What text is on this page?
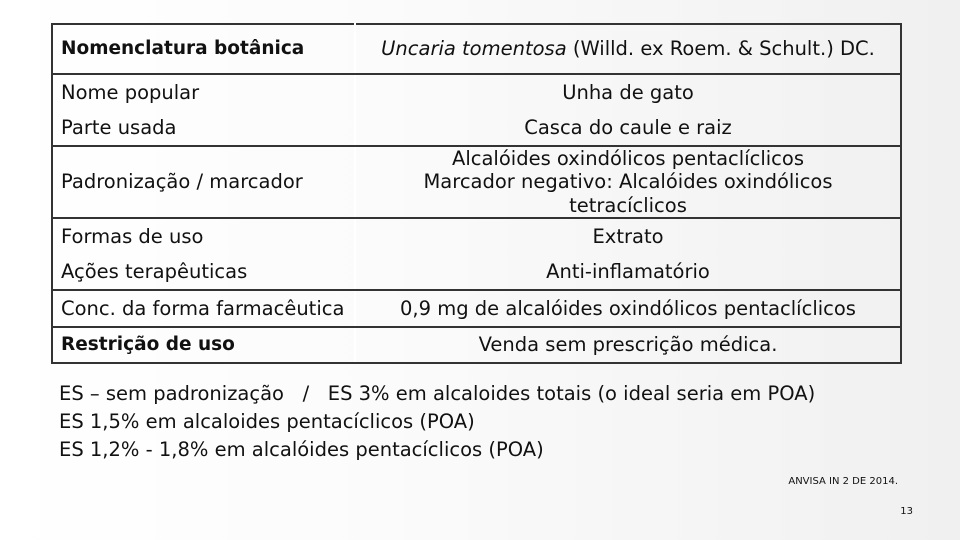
Nomenclatura botânica	Uncaria tomentosa (Willd. ex Roem. & Schult.) DC.
Nome popular	Unha de gato
Parte usada	Casca do caule e raiz
Padronização / marcador	Alcalóides oxindólicos pentaclíclicos
Marcador negativo: Alcalóides oxindólicos tetracíclicos

Formas de uso	Extrato
Ações terapêuticas	Anti-inflamatório
Conc. da forma farmacêutica	0,9 mg de alcalóides oxindólicos pentaclíclicos
Restrição de uso	Venda sem prescrição médica.
ES – sem padronização   /   ES 3% em alcaloides totais (o ideal seria em POA)
ES 1,5% em alcaloides pentacíclicos (POA)
ES 1,2% - 1,8% em alcalóides pentacíclicos (POA)
ANVISA IN 2 DE 2014.
13
